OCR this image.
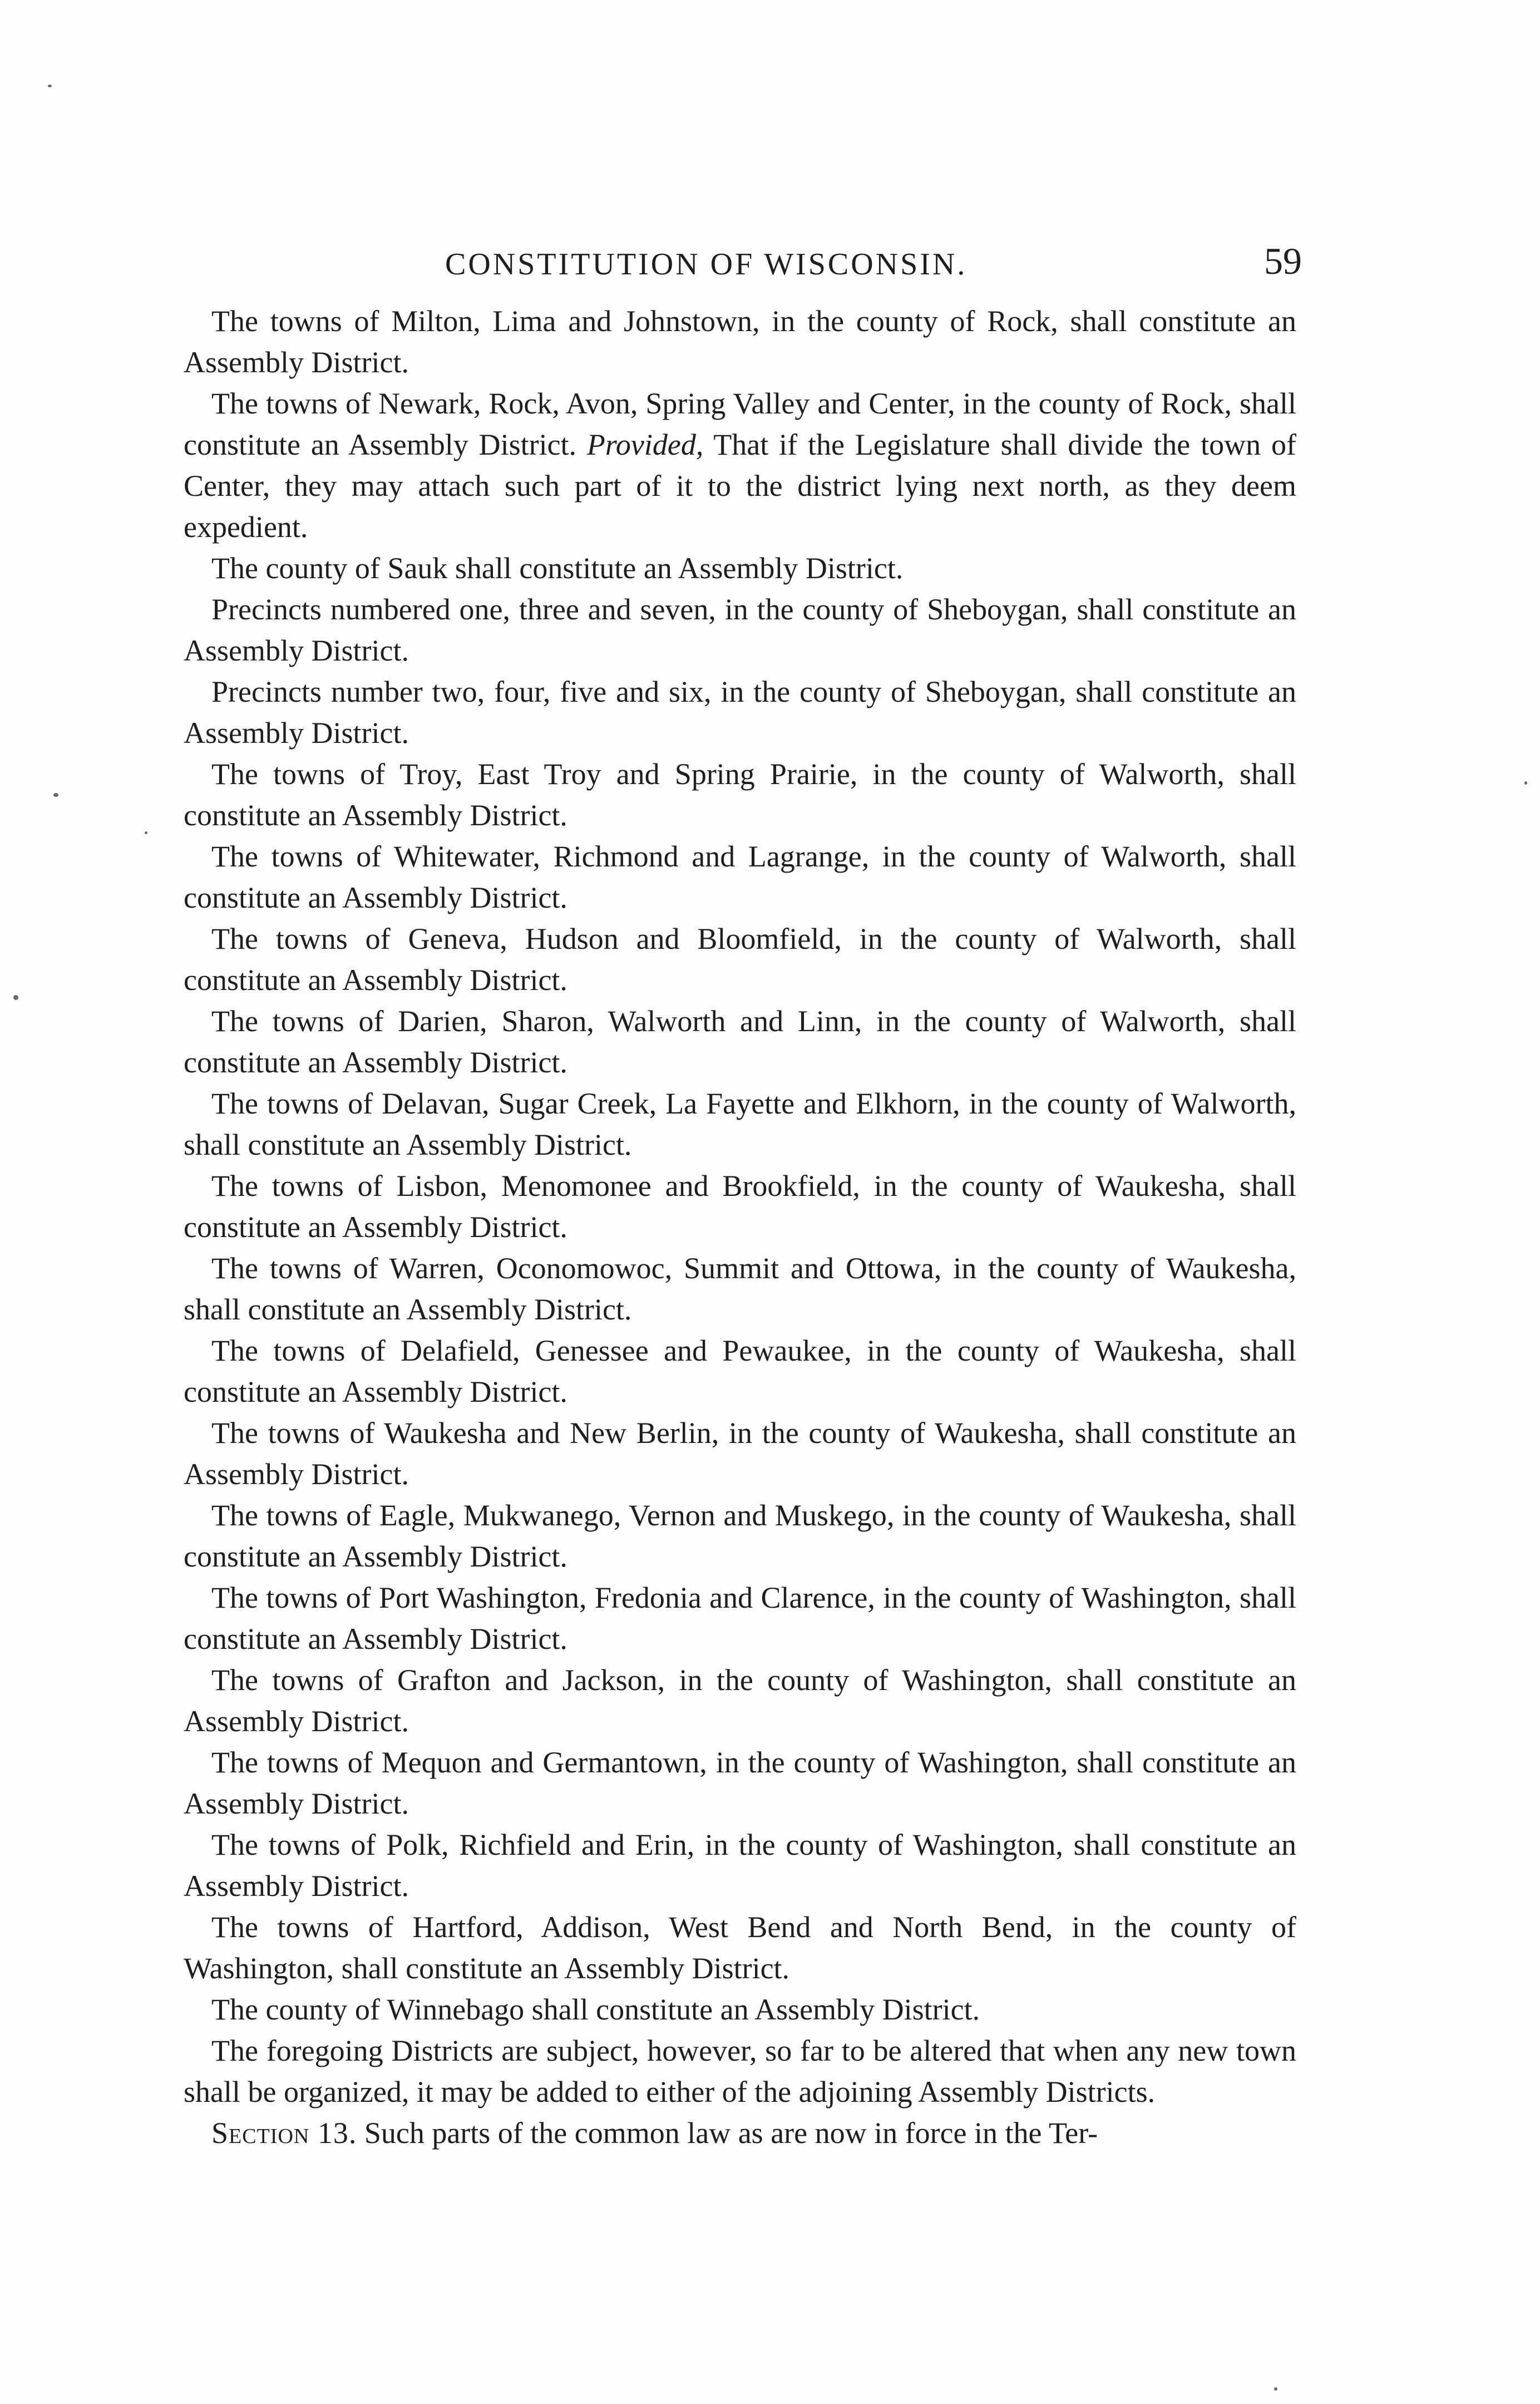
CONSTITUTION OF WISCONSIN.	59

The towns of Milton, Lima and Johnstown, in the county of Rock, shall constitute an Assembly District.

The towns of Newark, Rock, Avon, Spring Valley and Center, in the county of Rock, shall constitute an Assembly District. Provided, That if the Legislature shall divide the town of Center, they may attach such part of it to the district lying next north, as they deem expedient.

The county of Sauk shall constitute an Assembly District.

Precincts numbered one, three and seven, in the county of Sheboygan, shall constitute an Assembly District.

Precincts number two, four, five and six, in the county of Sheboygan, shall constitute an Assembly District.

The towns of Troy, East Troy and Spring Prairie, in the county of Walworth, shall constitute an Assembly District.

The towns of Whitewater, Richmond and Lagrange, in the county of Walworth, shall constitute an Assembly District.

The towns of Geneva, Hudson and Bloomfield, in the county of Walworth, shall constitute an Assembly District.

The towns of Darien, Sharon, Walworth and Linn, in the county of Walworth, shall constitute an Assembly District.

The towns of Delavan, Sugar Creek, La Fayette and Elkhorn, in the county of Walworth, shall constitute an Assembly District.

The towns of Lisbon, Menomonee and Brookfield, in the county of Waukesha, shall constitute an Assembly District.

The towns of Warren, Oconomowoc, Summit and Ottowa, in the county of Waukesha, shall constitute an Assembly District.

The towns of Delafield, Genessee and Pewaukee, in the county of Waukesha, shall constitute an Assembly District.

The towns of Waukesha and New Berlin, in the county of Waukesha, shall constitute an Assembly District.

The towns of Eagle, Mukwanego, Vernon and Muskego, in the county of Waukesha, shall constitute an Assembly District.

The towns of Port Washington, Fredonia and Clarence, in the county of Washington, shall constitute an Assembly District.

The towns of Grafton and Jackson, in the county of Washington, shall constitute an Assembly District.

The towns of Mequon and Germantown, in the county of Washington, shall constitute an Assembly District.

The towns of Polk, Richfield and Erin, in the county of Washington, shall constitute an Assembly District.

The towns of Hartford, Addison, West Bend and North Bend, in the county of Washington, shall constitute an Assembly District.

The county of Winnebago shall constitute an Assembly District.

The foregoing Districts are subject, however, so far to be altered that when any new town shall be organized, it may be added to either of the adjoining Assembly Districts.

Section 13. Such parts of the common law as are now in force in the Ter-
